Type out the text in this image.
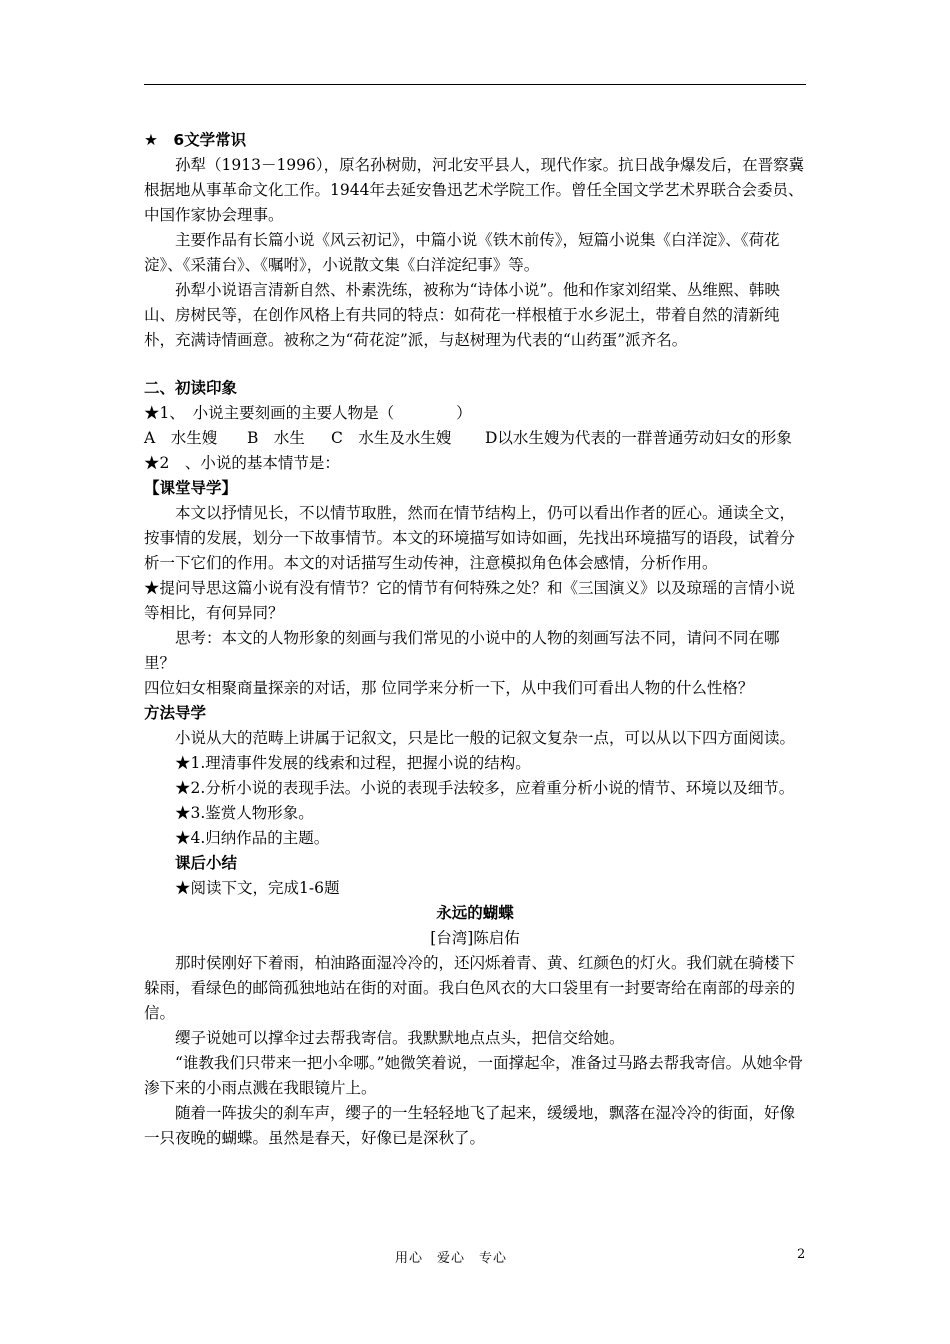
★　6文学常识

孙犁（1913－1996），原名孙树勋，河北安平县人，现代作家。抗日战争爆发后，在晋察冀根据地从事革命文化工作。1944年去延安鲁迅艺术学院工作。曾任全国文学艺术界联合会委员、中国作家协会理事。

主要作品有长篇小说《风云初记》，中篇小说《铁木前传》，短篇小说集《白洋淀》、《荷花淀》、《采蒲台》、《嘱咐》，小说散文集《白洋淀纪事》等。

孙犁小说语言清新自然、朴素洗练，被称为“诗体小说”。他和作家刘绍棠、丛维熙、韩映山、房树民等，在创作风格上有共同的特点：如荷花一样根植于水乡泥土，带着自然的清新纯朴，充满诗情画意。被称之为“荷花淀”派，与赵树理为代表的“山药蛋”派齐名。

二、初读印象

★1、　小说主要刻画的主要人物是（　　　　）

A　水生嫂 B　水生 C　水生及水生嫂 D以水生嫂为代表的一群普通劳动妇女的形象

★2　、小说的基本情节是：

【课堂导学】

本文以抒情见长，不以情节取胜，然而在情节结构上，仍可以看出作者的匠心。通读全文，按事情的发展，划分一下故事情节。本文的环境描写如诗如画，先找出环境描写的语段，试着分析一下它们的作用。本文的对话描写生动传神，注意模拟角色体会感情，分析作用。

★提问导思这篇小说有没有情节？它的情节有何特殊之处？和《三国演义》以及琼瑶的言情小说等相比，有何异同？

思考：本文的人物形象的刻画与我们常见的小说中的人物的刻画写法不同，请问不同在哪里？

四位妇女相聚商量探亲的对话，那 位同学来分析一下，从中我们可看出人物的什么性格？

方法导学

小说从大的范畴上讲属于记叙文，只是比一般的记叙文复杂一点，可以从以下四方面阅读。

★1.理清事件发展的线索和过程，把握小说的结构。

★2.分析小说的表现手法。小说的表现手法较多，应着重分析小说的情节、环境以及细节。

★3.鉴赏人物形象。

★4.归纳作品的主题。

课后小结

★阅读下文，完成1-6题

永远的蝴蝶

[台湾]陈启佑

那时侯刚好下着雨，柏油路面湿冷冷的，还闪烁着青、黄、红颜色的灯火。我们就在骑楼下躲雨，看绿色的邮筒孤独地站在街的对面。我白色风衣的大口袋里有一封要寄给在南部的母亲的信。

缨子说她可以撑伞过去帮我寄信。我默默地点点头，把信交给她。

“谁教我们只带来一把小伞哪。”她微笑着说，一面撑起伞，准备过马路去帮我寄信。从她伞骨渗下来的小雨点溅在我眼镜片上。

随着一阵拔尖的刹车声，缨子的一生轻轻地飞了起来，缓缓地，飘落在湿冷冷的街面，好像一只夜晚的蝴蝶。虽然是春天，好像已是深秋了。

用心　爱心　专心	2
